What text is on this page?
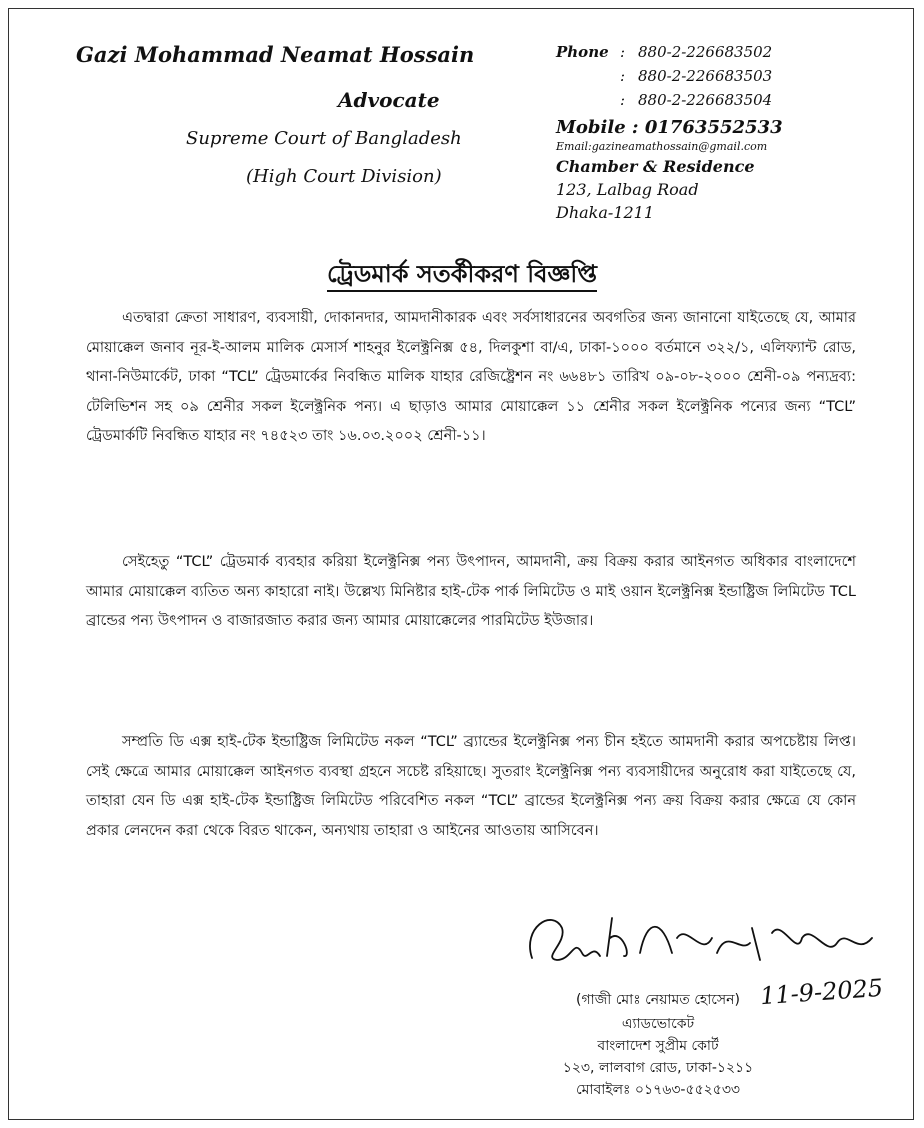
Gazi Mohammad Neamat Hossain
Advocate
Supreme Court of Bangladesh
(High Court Division)
Phone : 880-2-226683502
: 880-2-226683503
: 880-2-226683504
Mobile : 01763552533
Email:gazineamathossain@gmail.com
Chamber & Residence
123, Lalbag Road
Dhaka-1211
ট্রেডমার্ক সতর্কীকরণ বিজ্ঞপ্তি

এতদ্বারা ক্রেতা সাধারণ, ব্যবসায়ী, দোকানদার, আমদানীকারক এবং সর্বসাধারনের অবগতির জন্য জানানো যাইতেছে যে, আমার মোয়াক্কেল জনাব নূর-ই-আলম মালিক মেসার্স শাহনুর ইলেক্ট্রনিক্স ৫৪, দিলকুশা বা/এ, ঢাকা-১০০০ বর্তমানে ৩২২/১, এলিফ্যান্ট রোড, থানা-নিউমার্কেট, ঢাকা “TCL” ট্রেডমার্কের নিবন্ধিত মালিক যাহার রেজিষ্ট্রেশন নং ৬৬৪৮১ তারিখ ০৯-০৮-২০০০ শ্রেনী-০৯ পন্যদ্রব্য: টেলিভিশন সহ ০৯ শ্রেনীর সকল ইলেক্ট্রনিক পন্য। এ ছাড়াও আমার মোয়াক্কেল ১১ শ্রেনীর সকল ইলেক্ট্রনিক পন্যের জন্য “TCL” ট্রেডমার্কটি নিবন্ধিত যাহার নং ৭৪৫২৩ তাং ১৬.০৩.২০০২ শ্রেনী-১১।

সেইহেতু “TCL” ট্রেডমার্ক ব্যবহার করিয়া ইলেক্ট্রনিক্স পন্য উৎপাদন, আমদানী, ক্রয় বিক্রয় করার আইনগত অধিকার বাংলাদেশে আমার মোয়াক্কেল ব্যতিত অন্য কাহারো নাই। উল্লেখ্য মিনিষ্টার হাই-টেক পার্ক লিমিটেড ও মাই ওয়ান ইলেক্ট্রনিক্স ইন্ডাষ্ট্রিজ লিমিটেড TCL ব্রান্ডের পন্য উৎপাদন ও বাজারজাত করার জন্য আমার মোয়াক্কেলের পারমিটেড ইউজার।

সম্প্রতি ডি এক্স হাই-টেক ইন্ডাষ্ট্রিজ লিমিটেড নকল “TCL” ব্র্যান্ডের ইলেক্ট্রনিক্স পন্য চীন হইতে আমদানী করার অপচেষ্টায় লিপ্ত। সেই ক্ষেত্রে আমার মোয়াক্কেল আইনগত ব্যবস্থা গ্রহনে সচেষ্ট রহিয়াছে। সুতরাং ইলেক্ট্রনিক্স পন্য ব্যবসায়ীদের অনুরোধ করা যাইতেছে যে, তাহারা যেন ডি এক্স হাই-টেক ইন্ডাষ্ট্রিজ লিমিটেড পরিবেশিত নকল “TCL” ব্রান্ডের ইলেক্ট্রনিক্স পন্য ক্রয় বিক্রয় করার ক্ষেত্রে যে কোন প্রকার লেনদেন করা থেকে বিরত থাকেন, অন্যথায় তাহারা ও আইনের আওতায় আসিবেন।

11-9-2025
(গাজী মোঃ নেয়ামত হোসেন)
এ্যাডভোকেট
বাংলাদেশ সুপ্রীম কোর্ট
১২৩, লালবাগ রোড, ঢাকা-১২১১
মোবাইলঃ ০১৭৬৩-৫৫২৫৩৩
